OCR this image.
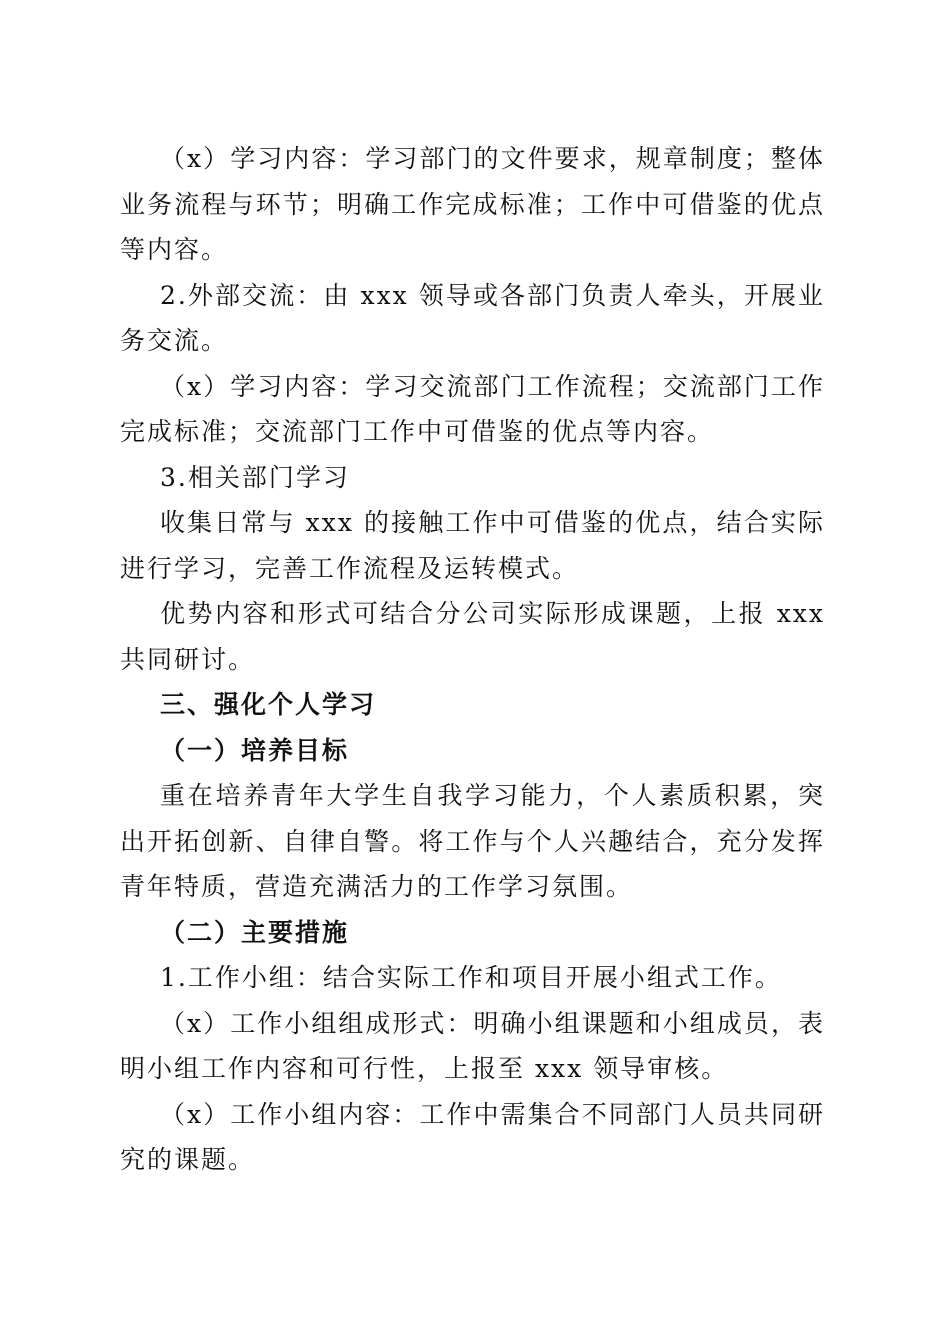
（x）学习内容：学习部门的文件要求，规章制度；整体业务流程与环节；明确工作完成标准；工作中可借鉴的优点等内容。

2.外部交流：由 xxx 领导或各部门负责人牵头，开展业务交流。

（x）学习内容：学习交流部门工作流程；交流部门工作完成标准；交流部门工作中可借鉴的优点等内容。

3.相关部门学习

收集日常与 xxx 的接触工作中可借鉴的优点，结合实际进行学习，完善工作流程及运转模式。

优势内容和形式可结合分公司实际形成课题，上报 xxx 共同研讨。

三、强化个人学习

（一）培养目标

重在培养青年大学生自我学习能力，个人素质积累，突出开拓创新、自律自警。将工作与个人兴趣结合，充分发挥青年特质，营造充满活力的工作学习氛围。

（二）主要措施

1.工作小组：结合实际工作和项目开展小组式工作。

（x）工作小组组成形式：明确小组课题和小组成员，表明小组工作内容和可行性，上报至 xxx 领导审核。

（x）工作小组内容：工作中需集合不同部门人员共同研究的课题。
